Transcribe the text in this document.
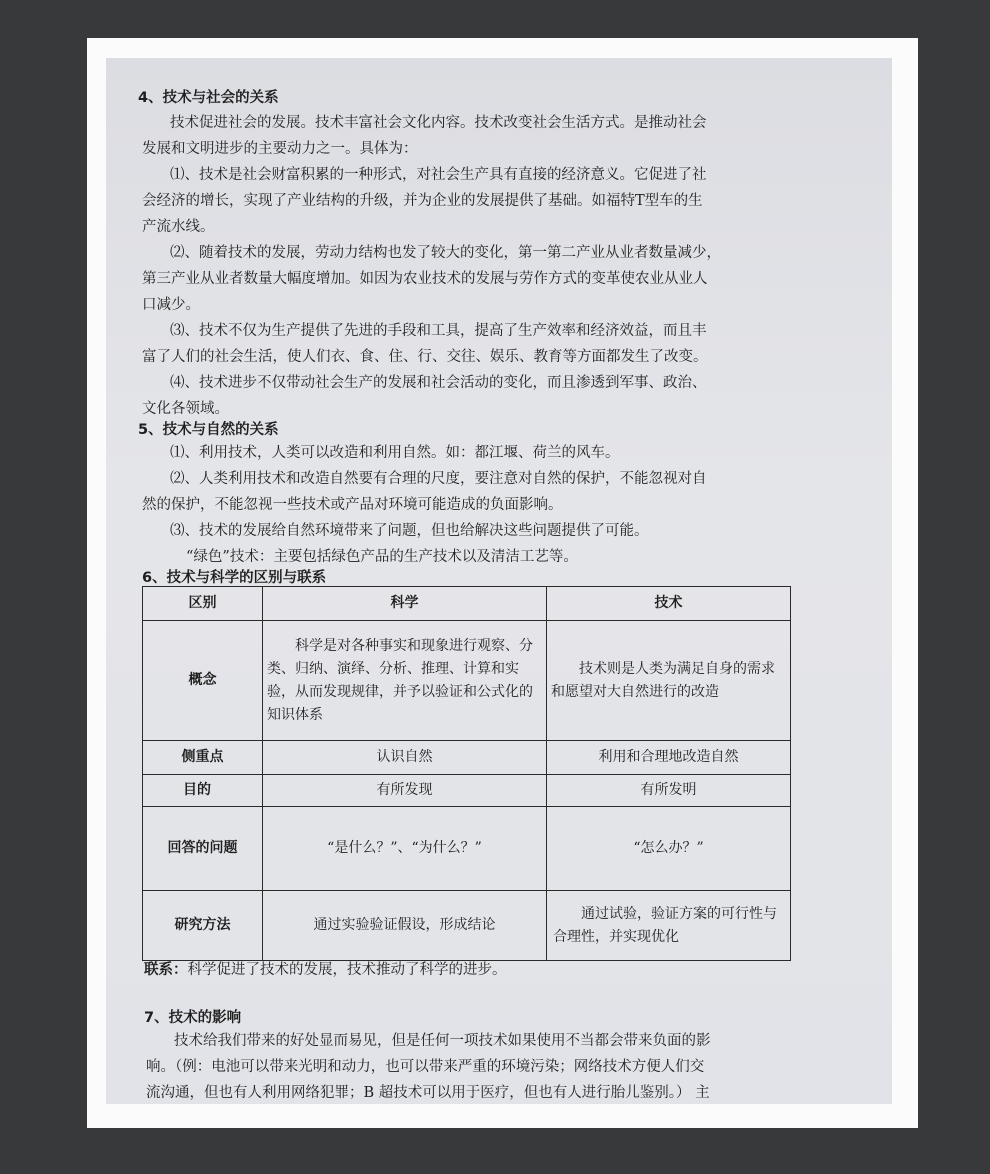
4、技术与社会的关系
技术促进社会的发展。技术丰富社会文化内容。技术改变社会生活方式。是推动社会
发展和文明进步的主要动力之一。具体为：
⑴、技术是社会财富积累的一种形式，对社会生产具有直接的经济意义。它促进了社
会经济的增长，实现了产业结构的升级，并为企业的发展提供了基础。如福特T型车的生
产流水线。
⑵、随着技术的发展，劳动力结构也发了较大的变化，第一第二产业从业者数量减少，
第三产业从业者数量大幅度增加。如因为农业技术的发展与劳作方式的变革使农业从业人
口减少。
⑶、技术不仅为生产提供了先进的手段和工具，提高了生产效率和经济效益，而且丰
富了人们的社会生活，使人们衣、食、住、行、交往、娱乐、教育等方面都发生了改变。
⑷、技术进步不仅带动社会生产的发展和社会活动的变化，而且渗透到军事、政治、
文化各领域。
5、技术与自然的关系
⑴、利用技术，人类可以改造和利用自然。如：都江堰、荷兰的风车。
⑵、人类利用技术和改造自然要有合理的尺度，要注意对自然的保护，不能忽视对自
然的保护，不能忽视一些技术或产品对环境可能造成的负面影响。
⑶、技术的发展给自然环境带来了问题，但也给解决这些问题提供了可能。
“绿色”技术：主要包括绿色产品的生产技术以及清洁工艺等。
6、技术与科学的区别与联系
区别	科学	技术
概念	科学是对各种事实和现象进行观察、分类、归纳、演绎、分析、推理、计算和实验，从而发现规律，并予以验证和公式化的知识体系	技术则是人类为满足自身的需求和愿望对大自然进行的改造
侧重点	认识自然	利用和合理地改造自然
目的	有所发现	有所发明
回答的问题	“是什么？”、“为什么？”	“怎么办？”
研究方法	通过实验验证假设，形成结论	通过试验，验证方案的可行性与合理性，并实现优化
联系：科学促进了技术的发展，技术推动了科学的进步。
7、技术的影响
技术给我们带来的好处显而易见，但是任何一项技术如果使用不当都会带来负面的影
响。（例：电池可以带来光明和动力，也可以带来严重的环境污染；网络技术方便人们交
流沟通，但也有人利用网络犯罪；B 超技术可以用于医疗，但也有人进行胎儿鉴别。） 主
